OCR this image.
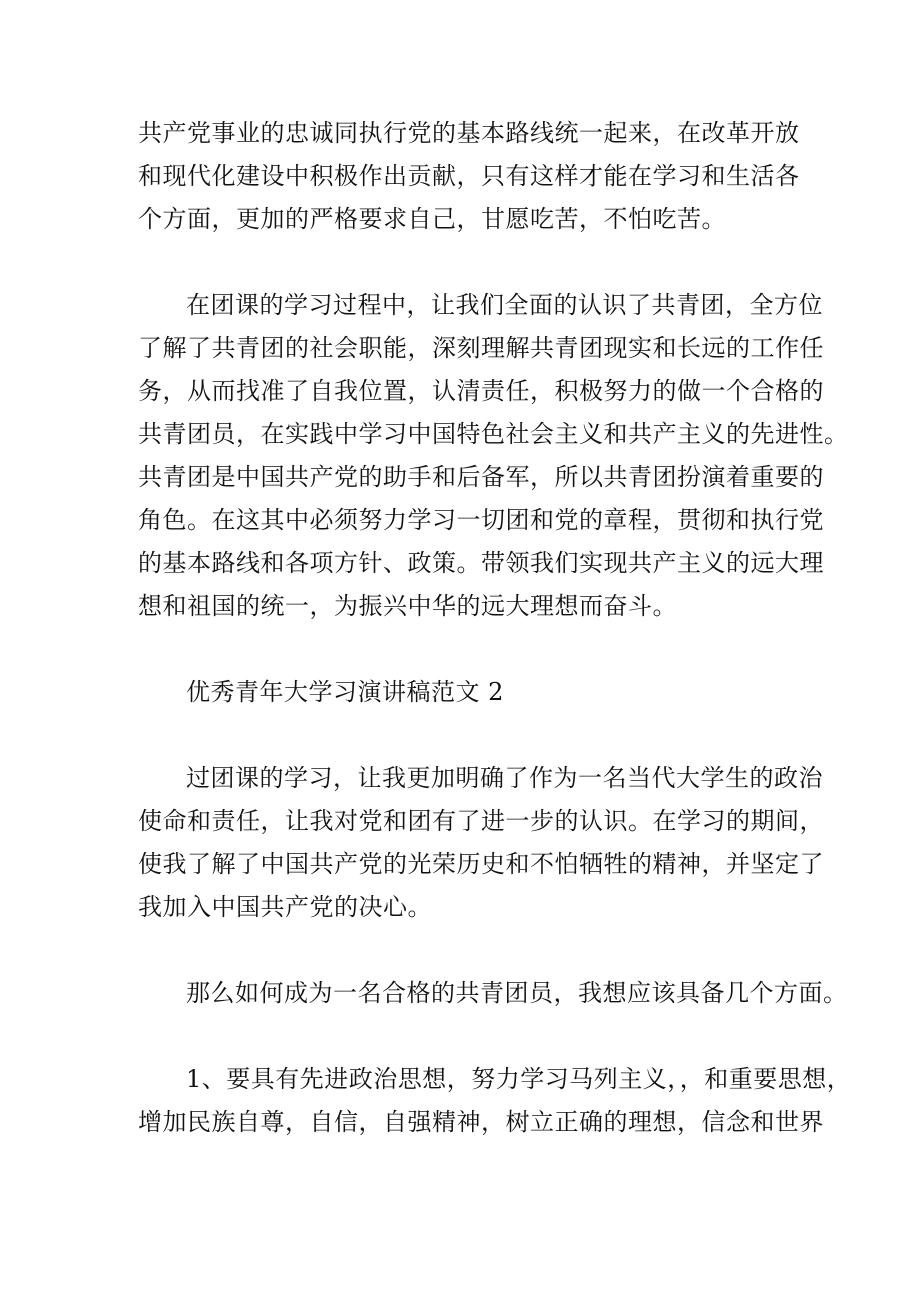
共产党事业的忠诚同执行党的基本路线统一起来，在改革开放
和现代化建设中积极作出贡献，只有这样才能在学习和生活各
个方面，更加的严格要求自己，甘愿吃苦，不怕吃苦。
在团课的学习过程中，让我们全面的认识了共青团，全方位
了解了共青团的社会职能，深刻理解共青团现实和长远的工作任
务，从而找准了自我位置，认清责任，积极努力的做一个合格的
共青团员，在实践中学习中国特色社会主义和共产主义的先进性。
共青团是中国共产党的助手和后备军，所以共青团扮演着重要的
角色。在这其中必须努力学习一切团和党的章程，贯彻和执行党
的基本路线和各项方针、政策。带领我们实现共产主义的远大理
想和祖国的统一，为振兴中华的远大理想而奋斗。
优秀青年大学习演讲稿范文 2
过团课的学习，让我更加明确了作为一名当代大学生的政治
使命和责任，让我对党和团有了进一步的认识。在学习的期间，
使我了解了中国共产党的光荣历史和不怕牺牲的精神，并坚定了
我加入中国共产党的决心。
那么如何成为一名合格的共青团员，我想应该具备几个方面。
1、要具有先进政治思想，努力学习马列主义，，和重要思想，
增加民族自尊，自信，自强精神，树立正确的理想，信念和世界
